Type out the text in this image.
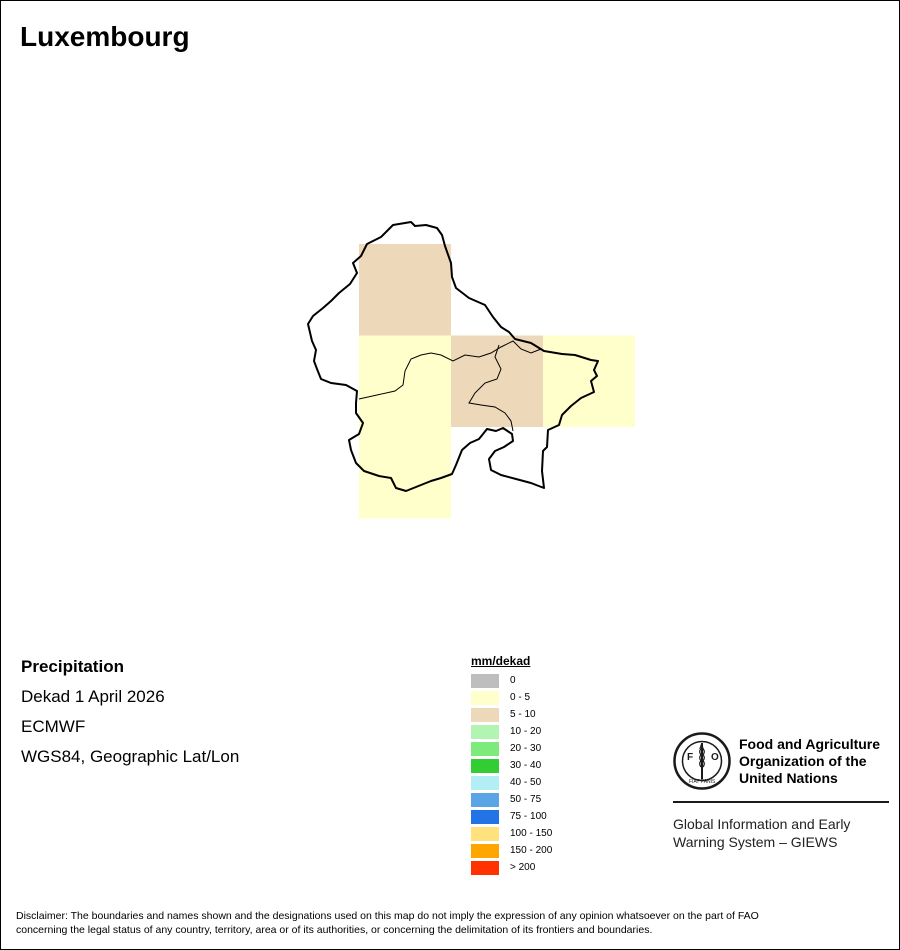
Luxembourg
Precipitation
Dekad 1 April 2026
ECMWF
WGS84, Geographic Lat/Lon
mm/dekad
0
0 - 5
5 - 10
10 - 20
20 - 30
30 - 40
40 - 50
50 - 75
75 - 100
100 - 150
150 - 200
> 200
F O
A
FIAT PANIS
Food and Agriculture
Organization of the
United Nations
Global Information and Early
Warning System – GIEWS
Disclaimer: The boundaries and names shown and the designations used on this map do not imply the expression of any opinion whatsoever on the part of FAO
concerning the legal status of any country, territory, area or of its authorities, or concerning the delimitation of its frontiers and boundaries.
